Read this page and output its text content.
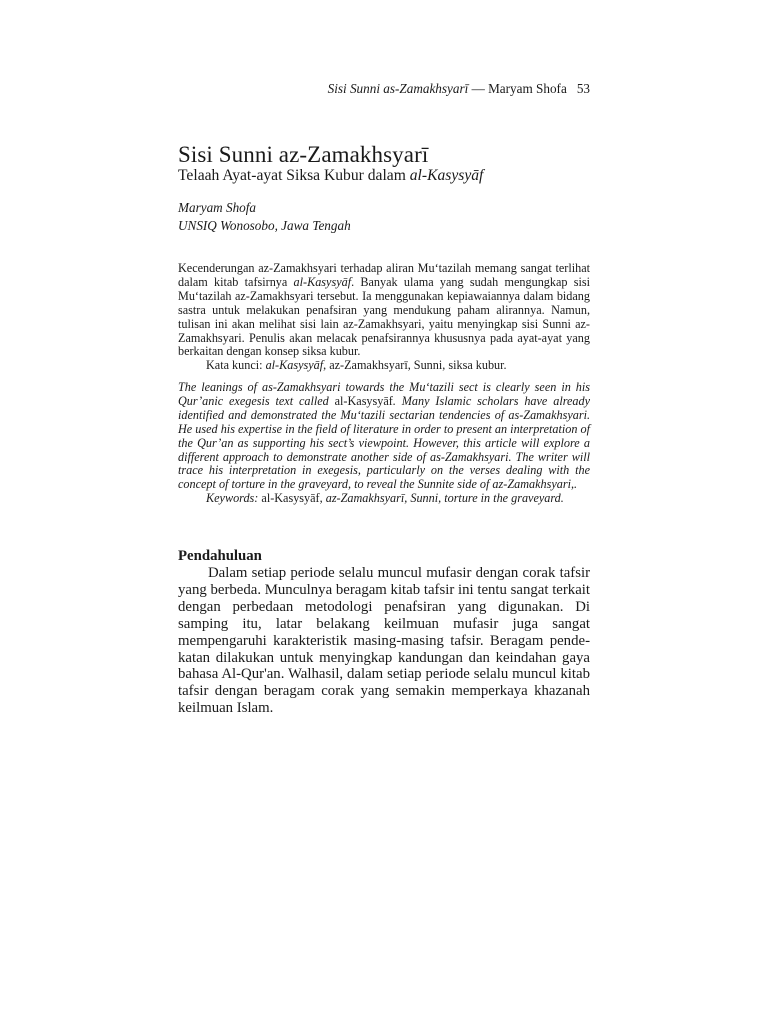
Sisi Sunni as-Zamakhsyarī — Maryam Shofa 53
Sisi Sunni az-Zamakhsyarī
Telaah Ayat-ayat Siksa Kubur dalam al-Kasysyāf
Maryam Shofa
UNSIQ Wonosobo, Jawa Tengah

Kecenderungan az-Zamakhsyari terhadap aliran Mu‘tazilah memang sangat terlihat dalam kitab tafsirnya al-Kasysyāf. Banyak ulama yang sudah mengungkap sisi Mu‘tazilah az-Zamakhsyari tersebut. Ia menggunakan kepiawaiannya dalam bidang sastra untuk melakukan penafsiran yang mendukung paham alirannya. Namun, tulisan ini akan melihat sisi lain az-Zamakhsyari, yaitu menyingkap sisi Sunni az-Zamakhsyari. Penulis akan melacak penafsirannya khususnya pada ayat-ayat yang berkaitan dengan konsep siksa kubur.

Kata kunci: al-Kasysyāf, az-Zamakhsyarī, Sunni, siksa kubur.

The leanings of as-Zamakhsyari towards the Mu‘tazili sect is clearly seen in his Qur’anic exegesis text called al-Kasysyāf. Many Islamic scholars have already identified and demonstrated the Mu‘tazili sectarian tendencies of as-Zamakhsyari. He used his expertise in the field of literature in order to present an interpretation of the Qur’an as supporting his sect’s viewpoint. However, this article will explore a different approach to demonstrate another side of as-Zamakhsyari. The writer will trace his interpretation in exegesis, particularly on the verses dealing with the concept of torture in the graveyard, to reveal the Sunnite side of az-Zamakhsyari,.

Keywords: al-Kasysyāf, az-Zamakhsyarī, Sunni, torture in the graveyard.

Pendahuluan

Dalam setiap periode selalu muncul mufasir dengan corak tafsir yang berbeda. Munculnya beragam kitab tafsir ini tentu sangat terkait dengan perbedaan metodologi penafsiran yang digunakan. Di samping itu, latar belakang keilmuan mufasir juga sangat mempengaruhi karakteristik masing-masing tafsir. Beragam pendekatan dilakukan untuk menyingkap kandungan dan keindahan gaya bahasa Al-Qur'an. Walhasil, dalam setiap periode selalu muncul kitab tafsir dengan beragam corak yang semakin memperkaya khazanah keilmuan Islam.
